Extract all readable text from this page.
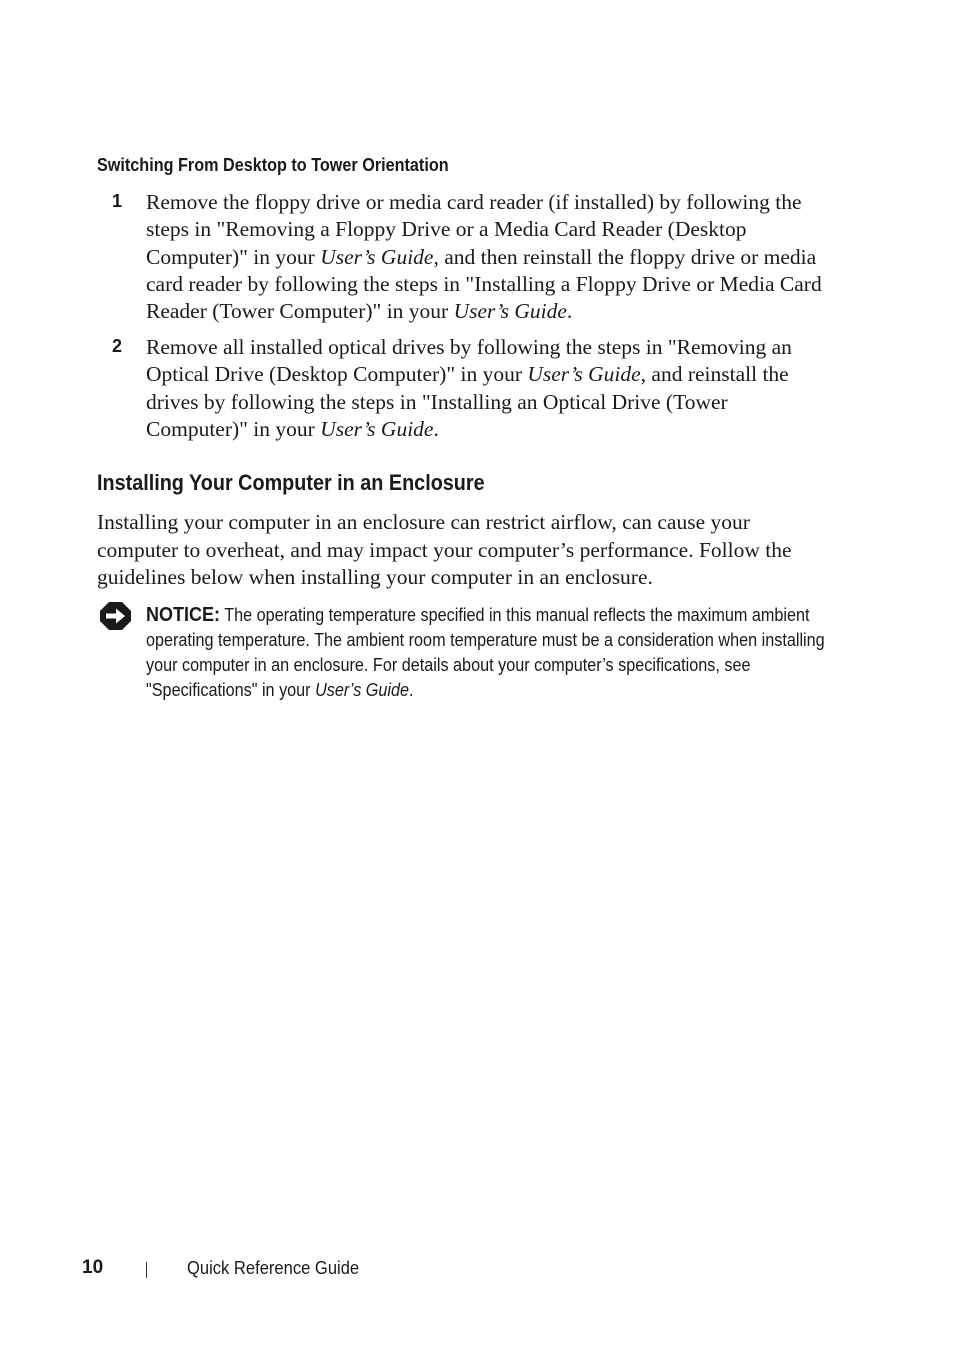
Switching From Desktop to Tower Orientation
1 Remove the floppy drive or media card reader (if installed) by following the steps in "Removing a Floppy Drive or a Media Card Reader (Desktop Computer)" in your User’s Guide, and then reinstall the floppy drive or media card reader by following the steps in "Installing a Floppy Drive or Media Card Reader (Tower Computer)" in your User’s Guide.

2 Remove all installed optical drives by following the steps in "Removing an Optical Drive (Desktop Computer)" in your User’s Guide, and reinstall the drives by following the steps in "Installing an Optical Drive (Tower Computer)" in your User’s Guide.

Installing Your Computer in an Enclosure

Installing your computer in an enclosure can restrict airflow, can cause your computer to overheat, and may impact your computer’s performance. Follow the guidelines below when installing your computer in an enclosure.

NOTICE: The operating temperature specified in this manual reflects the maximum ambient operating temperature. The ambient room temperature must be a consideration when installing your computer in an enclosure. For details about your computer’s specifications, see "Specifications" in your User’s Guide.

10	Quick Reference Guide
